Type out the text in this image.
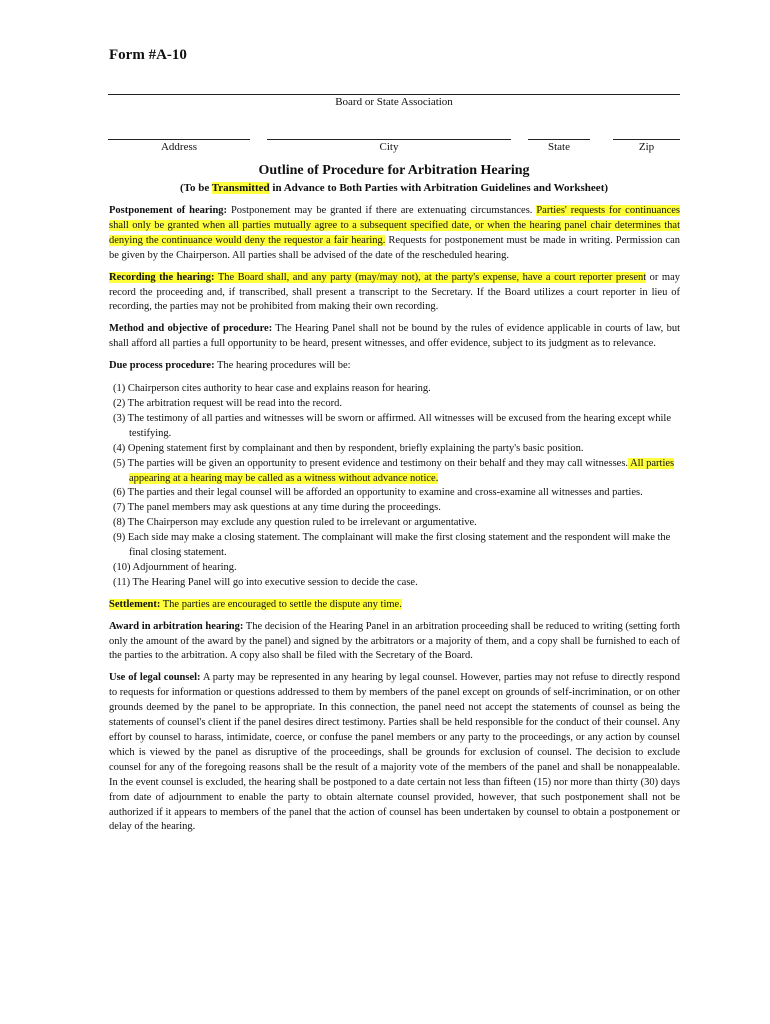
Form #A-10
Board or State Association
Address	City	State	Zip
Outline of Procedure for Arbitration Hearing
(To be Transmitted in Advance to Both Parties with Arbitration Guidelines and Worksheet)

Postponement of hearing: Postponement may be granted if there are extenuating circumstances. Parties' requests for continuances shall only be granted when all parties mutually agree to a subsequent specified date, or when the hearing panel chair determines that denying the continuance would deny the requestor a fair hearing. Requests for postponement must be made in writing. Permission can be given by the Chairperson. All parties shall be advised of the date of the rescheduled hearing.

Recording the hearing: The Board shall, and any party (may/may not), at the party's expense, have a court reporter present or may record the proceeding and, if transcribed, shall present a transcript to the Secretary. If the Board utilizes a court reporter in lieu of recording, the parties may not be prohibited from making their own recording.

Method and objective of procedure: The Hearing Panel shall not be bound by the rules of evidence applicable in courts of law, but shall afford all parties a full opportunity to be heard, present witnesses, and offer evidence, subject to its judgment as to relevance.

Due process procedure: The hearing procedures will be:

(1) Chairperson cites authority to hear case and explains reason for hearing.
(2) The arbitration request will be read into the record.
(3) The testimony of all parties and witnesses will be sworn or affirmed. All witnesses will be excused from the hearing except while testifying.
(4) Opening statement first by complainant and then by respondent, briefly explaining the party's basic position.
(5) The parties will be given an opportunity to present evidence and testimony on their behalf and they may call witnesses. All parties appearing at a hearing may be called as a witness without advance notice.
(6) The parties and their legal counsel will be afforded an opportunity to examine and cross-examine all witnesses and parties.
(7) The panel members may ask questions at any time during the proceedings.
(8) The Chairperson may exclude any question ruled to be irrelevant or argumentative.
(9) Each side may make a closing statement. The complainant will make the first closing statement and the respondent will make the final closing statement.
(10) Adjournment of hearing.
(11) The Hearing Panel will go into executive session to decide the case.

Settlement: The parties are encouraged to settle the dispute any time.

Award in arbitration hearing: The decision of the Hearing Panel in an arbitration proceeding shall be reduced to writing (setting forth only the amount of the award by the panel) and signed by the arbitrators or a majority of them, and a copy shall be furnished to each of the parties to the arbitration. A copy also shall be filed with the Secretary of the Board.

Use of legal counsel: A party may be represented in any hearing by legal counsel. However, parties may not refuse to directly respond to requests for information or questions addressed to them by members of the panel except on grounds of self-incrimination, or on other grounds deemed by the panel to be appropriate. In this connection, the panel need not accept the statements of counsel as being the statements of counsel's client if the panel desires direct testimony. Parties shall be held responsible for the conduct of their counsel. Any effort by counsel to harass, intimidate, coerce, or confuse the panel members or any party to the proceedings, or any action by counsel which is viewed by the panel as disruptive of the proceedings, shall be grounds for exclusion of counsel. The decision to exclude counsel for any of the foregoing reasons shall be the result of a majority vote of the members of the panel and shall be nonappealable. In the event counsel is excluded, the hearing shall be postponed to a date certain not less than fifteen (15) nor more than thirty (30) days from date of adjournment to enable the party to obtain alternate counsel provided, however, that such postponement shall not be authorized if it appears to members of the panel that the action of counsel has been undertaken by counsel to obtain a postponement or delay of the hearing.
